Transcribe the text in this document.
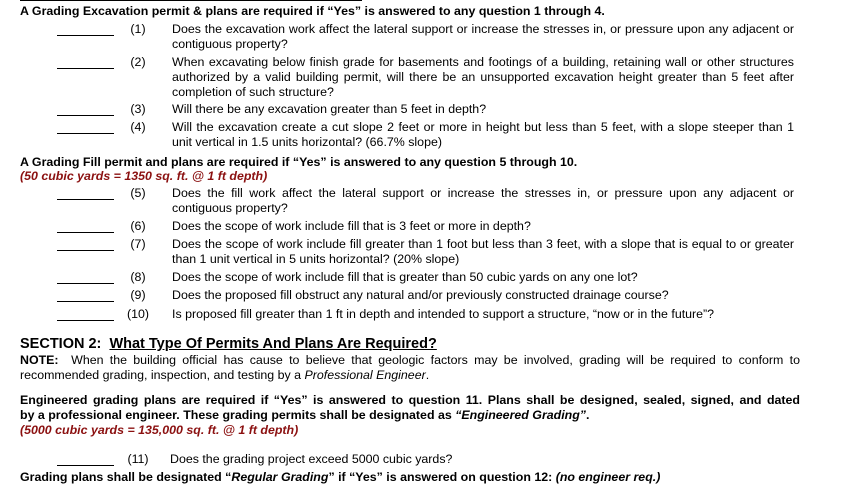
A Grading Excavation permit & plans are required if “Yes” is answered to any question 1 through 4.
(1)	Does the excavation work affect the lateral support or increase the stresses in, or pressure upon any adjacent or
contiguous property?
(2)	When excavating below finish grade for basements and footings of a building, retaining wall or other structures
authorized by a valid building permit, will there be an unsupported excavation height greater than 5 feet after
completion of such structure?
(3)	Will there be any excavation greater than 5 feet in depth?
(4)	Will the excavation create a cut slope 2 feet or more in height but less than 5 feet, with a slope steeper than 1
unit vertical in 1.5 units horizontal? (66.7% slope)
A Grading Fill permit and plans are required if “Yes” is answered to any question 5 through 10.
(50 cubic yards = 1350 sq. ft. @ 1 ft depth)
(5)	Does the fill work affect the lateral support or increase the stresses in, or pressure upon any adjacent or
contiguous property?
(6)	Does the scope of work include fill that is 3 feet or more in depth?
(7)	Does the scope of work include fill greater than 1 foot but less than 3 feet, with a slope that is equal to or greater
than 1 unit vertical in 5 units horizontal? (20% slope)
(8)	Does the scope of work include fill that is greater than 50 cubic yards on any one lot?
(9)	Does the proposed fill obstruct any natural and/or previously constructed drainage course?
(10)	Is proposed fill greater than 1 ft in depth and intended to support a structure, “now or in the future”?
SECTION 2: What Type Of Permits And Plans Are Required?
NOTE: When the building official has cause to believe that geologic factors may be involved, grading will be required to conform to
recommended grading, inspection, and testing by a Professional Engineer.
Engineered grading plans are required if “Yes” is answered to question 11. Plans shall be designed, sealed, signed, and dated
by a professional engineer. These grading permits shall be designated as “Engineered Grading”.
(5000 cubic yards = 135,000 sq. ft. @ 1 ft depth)
(11)	Does the grading project exceed 5000 cubic yards?
Grading plans shall be designated “Regular Grading” if “Yes” is answered on question 12: (no engineer req.)
